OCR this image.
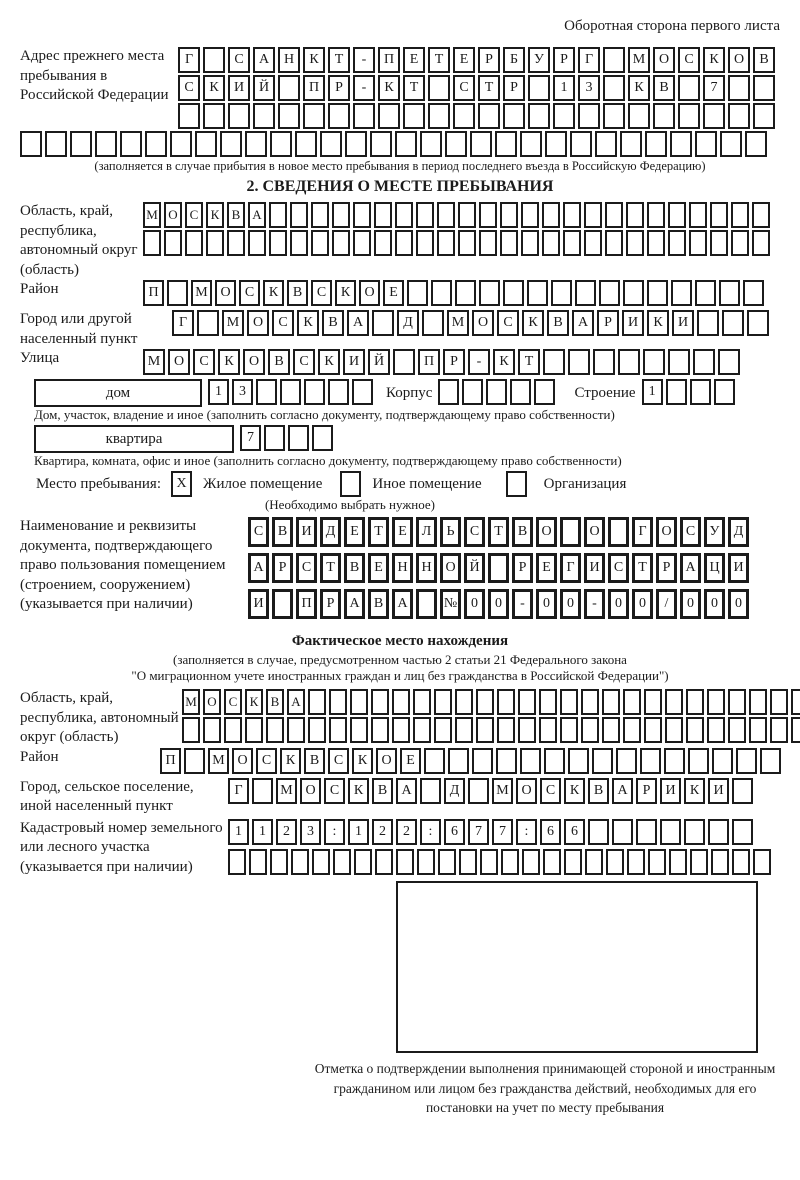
Оборотная сторона первого листа
Адрес прежнего места пребывания в Российской Федерации
Г	С	А	Н	К	Т	-	П	Е	Т	Е	Р	Б	У	Р	Г	М О	С	К	О	В
С	К	И	Й	П	Р	-	К	Т	С	Т	Р	1	3	К	В	7
(заполняется в случае прибытия в новое место пребывания в период последнего въезда в Российскую Федерацию)
2. СВЕДЕНИЯ О МЕСТЕ ПРЕБЫВАНИЯ
Область, край, республика, автономный округ (область)
М О С К В А
Район	П	М О	С	К	В	С	К	О	Е
Город или другой населенный пункт
Г	М О	С	К	В	А	Д	М О	С	К	В	А	Р	И	К	И
Улица	М О	С	К	О	В	С	К	И	Й	П	Р	-	К	Т
дом	1	3	Корпус	Строение 1
Дом, участок, владение и иное (заполнить согласно документу, подтверждающему право собственности)
квартира	7
Квартира, комната, офис и иное (заполнить согласно документу, подтверждающему право собственности)
Место пребывания:	X	Жилое помещение	Иное помещение	Организация
(Необходимо выбрать нужное)
Наименование и реквизиты документа, подтверждающего право пользования помещением (строением, сооружением) (указывается при наличии)
С	В	И	Д	Е	Т	Е	Л	Ь	С	Т	В	О	О	Г	О	С	У	Д
А	Р	С	Т	В	Е	Н Н О Й	Р	Е	Г	И	С	Т	Р	А Ц И
И	П	Р	А	В	А	№ 0	0	-	0	0	-	0	0	/	0	0	0
Фактическое место нахождения
(заполняется в случае, предусмотренном частью 2 статьи 21 Федерального закона
"О миграционном учете иностранных граждан и лиц без гражданства в Российской Федерации")
Область, край, республика, автономный округ (область)
М О С К В А
Район	П	М О	С	К	В	С	К	О	Е
Город, сельское поселение, иной населенный пункт
Г	М О	С	К	В	А	Д	М О	С	К	В	А	Р	И	К	И
Кадастровый номер земельного или лесного участка (указывается при наличии)
1	1	2	3	:	1	2	2	:	6	7	7	:	6	6
Отметка о подтверждении выполнения принимающей стороной и иностранным гражданином или лицом без гражданства действий, необходимых для его постановки на учет по месту пребывания
